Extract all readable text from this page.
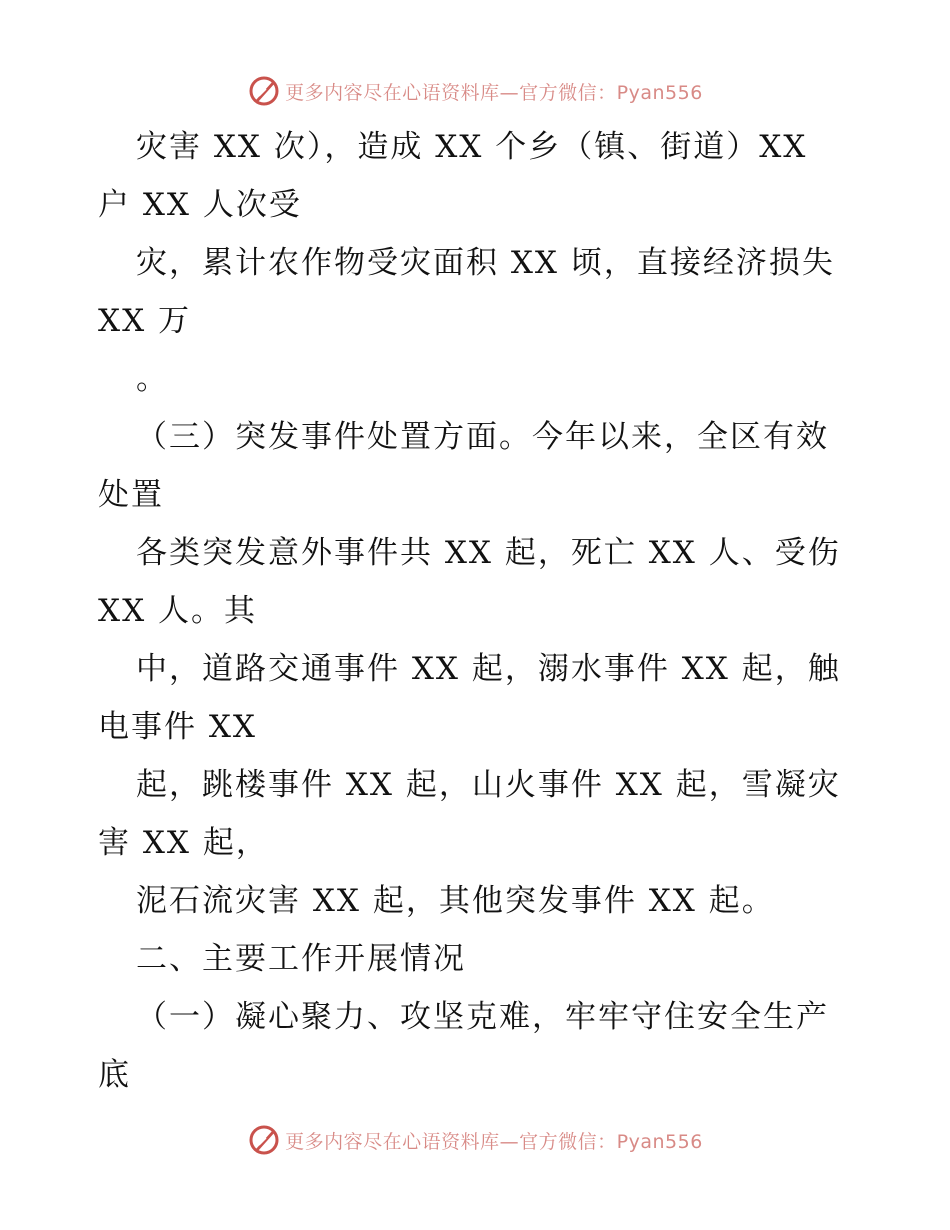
更多内容尽在心语资料库—官方微信：Pyan556
灾害 XX 次），造成 XX 个乡（镇、街道）XX
户 XX 人次受
灾，累计农作物受灾面积 XX 顷，直接经济损失
XX 万
。
（三）突发事件处置方面。今年以来，全区有效
处置
各类突发意外事件共 XX 起，死亡 XX 人、受伤
XX 人。其
中，道路交通事件 XX 起，溺水事件 XX 起，触
电事件 XX
起，跳楼事件 XX 起，山火事件 XX 起，雪凝灾
害 XX 起，
泥石流灾害 XX 起，其他突发事件 XX 起。
二、主要工作开展情况
（一）凝心聚力、攻坚克难，牢牢守住安全生产
底
更多内容尽在心语资料库—官方微信：Pyan556
